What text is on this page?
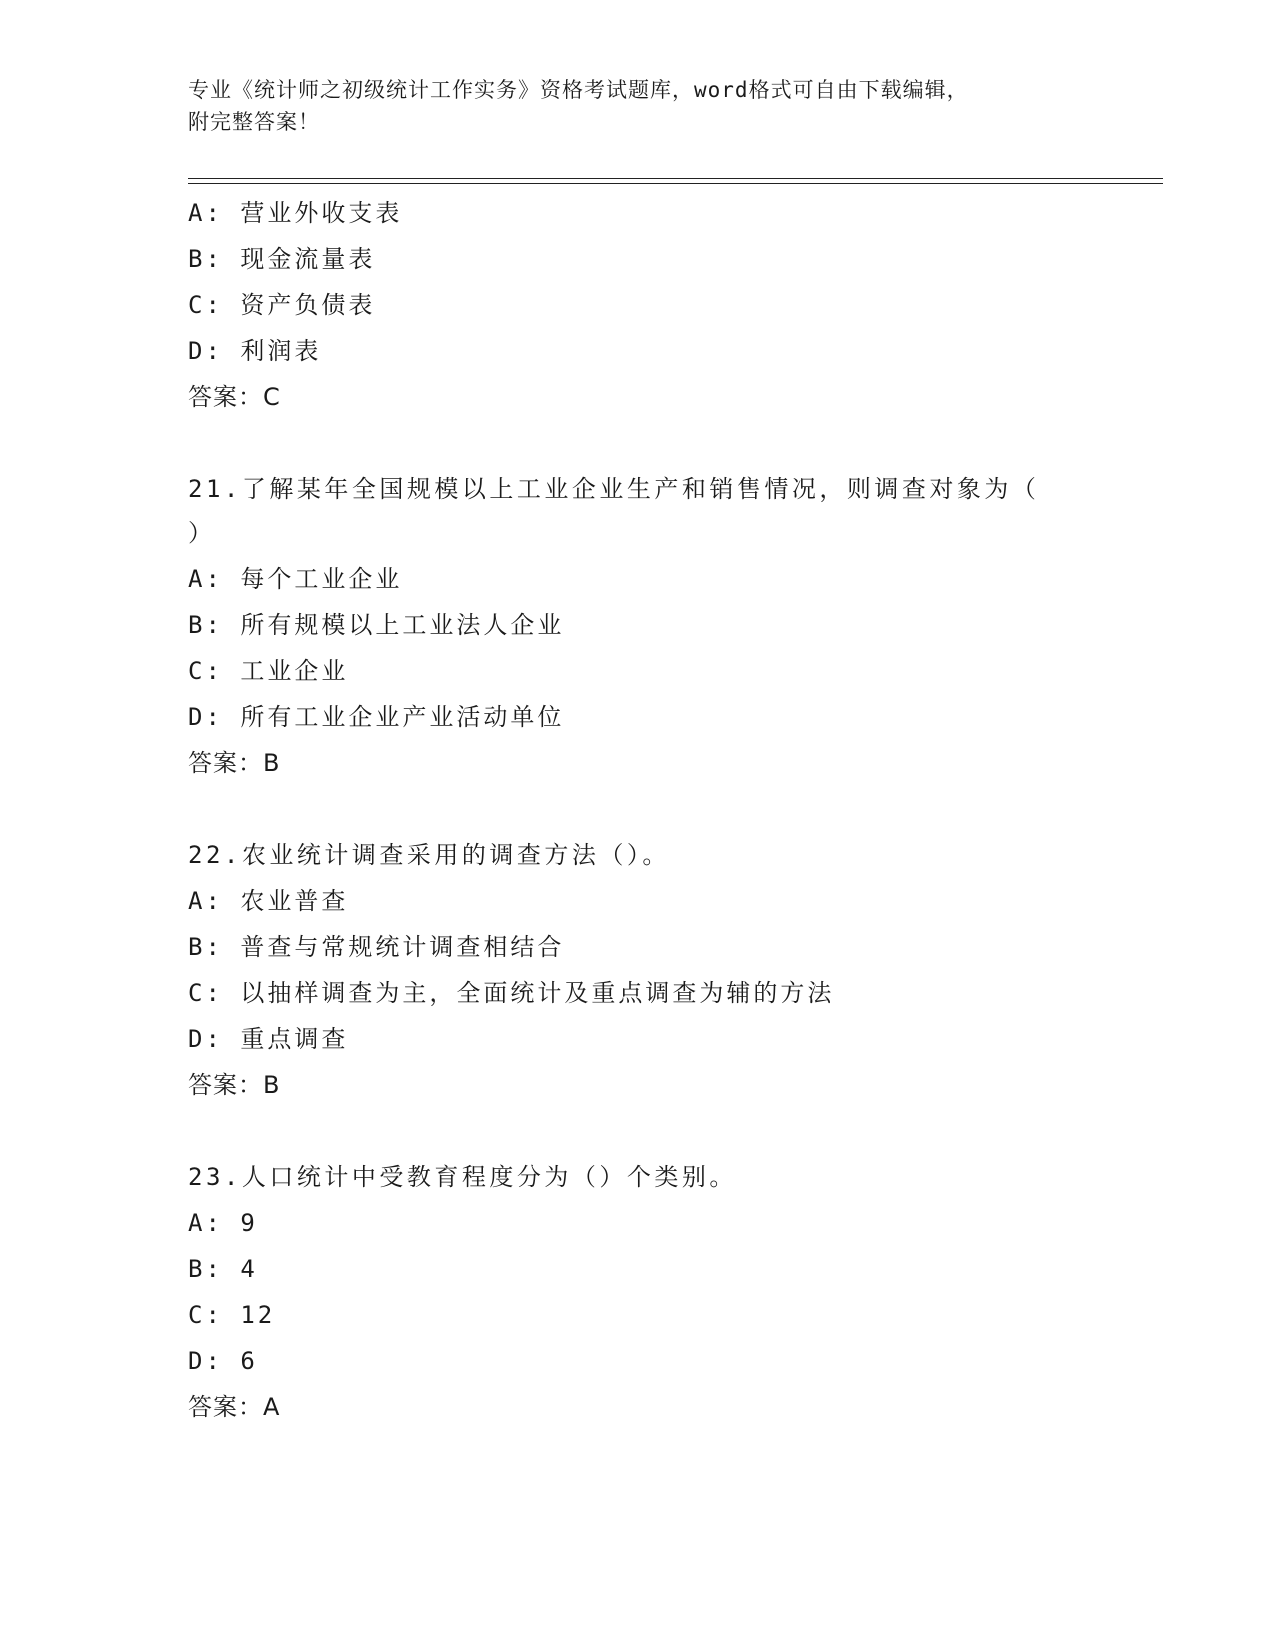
专业《统计师之初级统计工作实务》资格考试题库，word格式可自由下载编辑，
附完整答案！
A: 营业外收支表
B: 现金流量表
C: 资产负债表
D: 利润表
答案：C
21.了解某年全国规模以上工业企业生产和销售情况，则调查对象为（
）
A: 每个工业企业
B: 所有规模以上工业法人企业
C: 工业企业
D: 所有工业企业产业活动单位
答案：B
22.农业统计调查采用的调查方法（）。
A: 农业普查
B: 普查与常规统计调查相结合
C: 以抽样调查为主，全面统计及重点调查为辅的方法
D: 重点调查
答案：B
23.人口统计中受教育程度分为（）个类别。
A: 9
B: 4
C: 12
D: 6
答案：A
